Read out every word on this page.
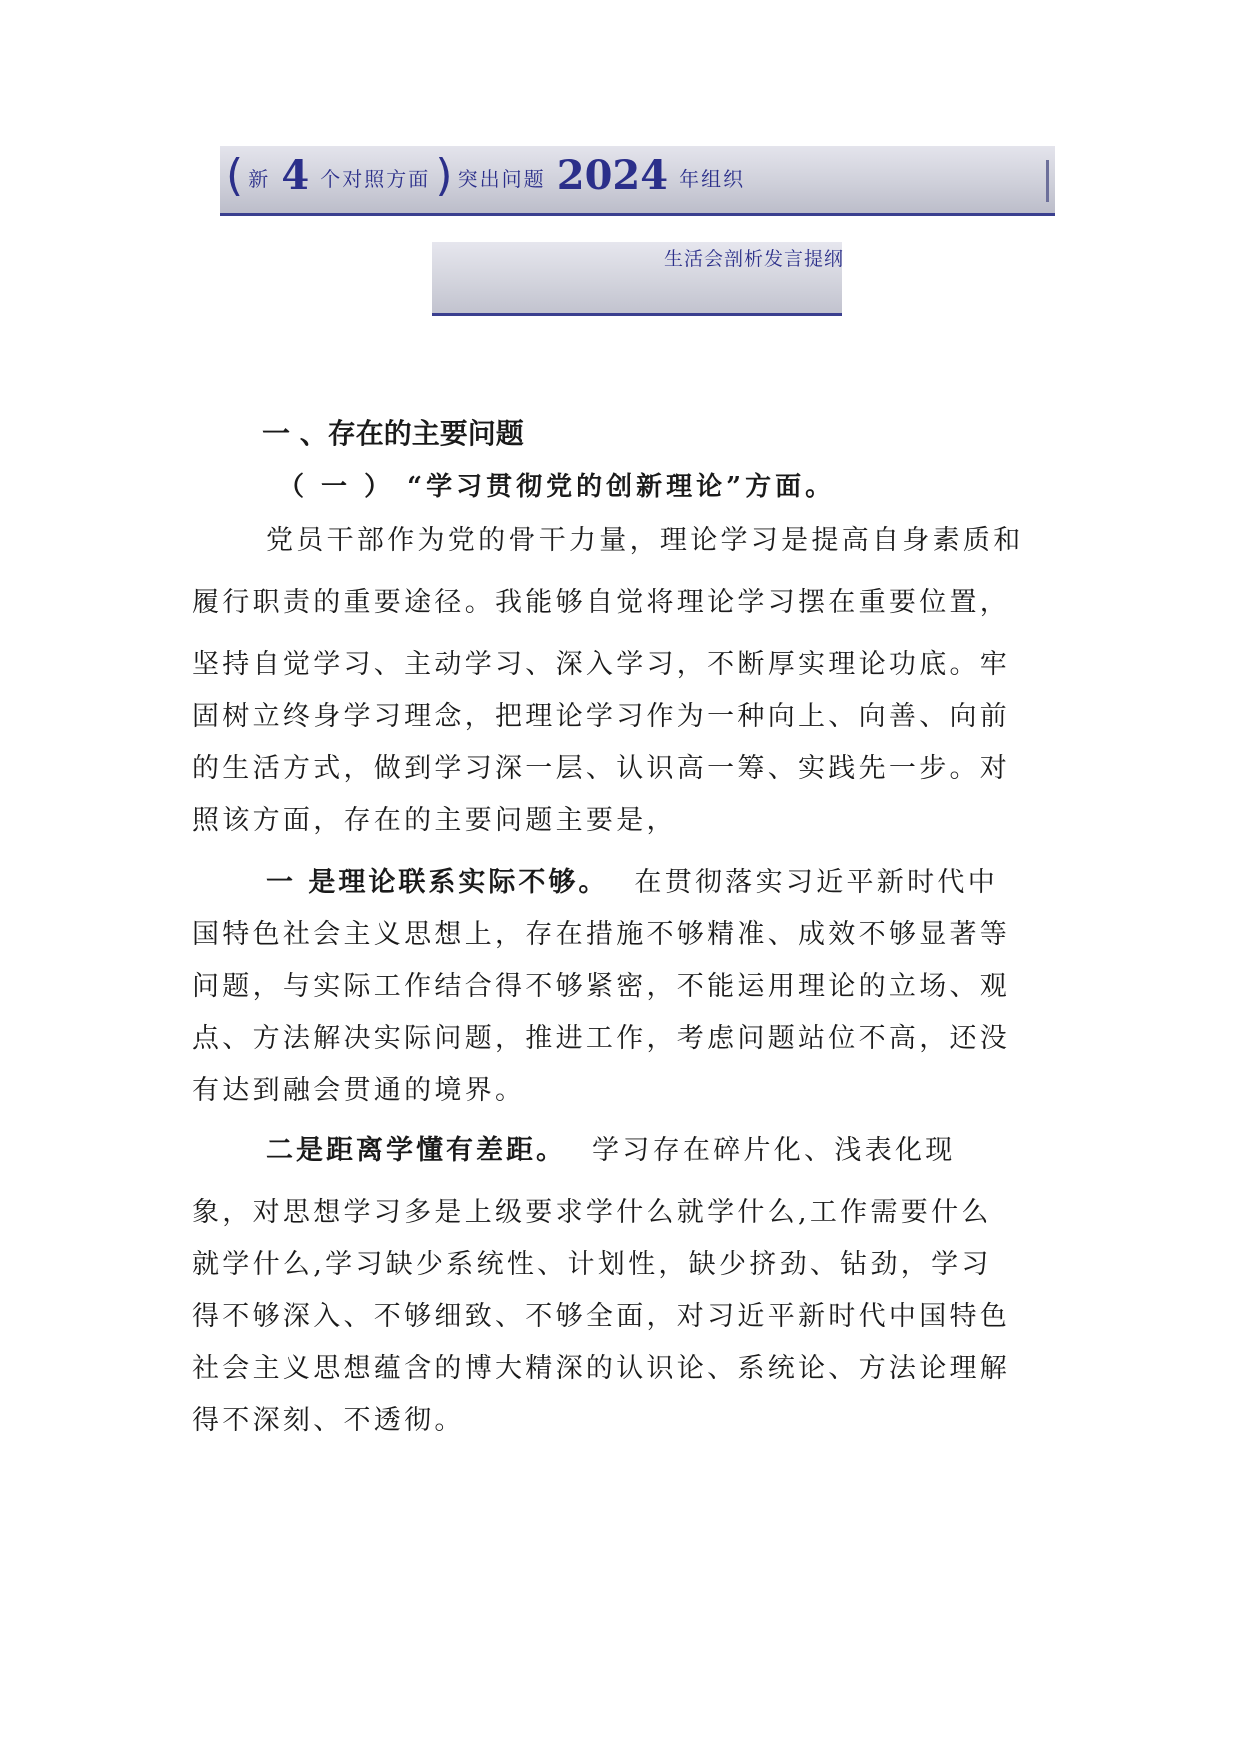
( 新 4 个对照方面 ) 突出问题 2024 年组织
生活会剖析发言提纲
一 、存在的主要问题
（ 一 ） “学习贯彻党的创新理论”方面。
党员干部作为党的骨干力量，理论学习是提高自身素质和
履行职责的重要途径。我能够自觉将理论学习摆在重要位置，
坚持自觉学习、主动学习、深入学习，不断厚实理论功底。牢
固树立终身学习理念，把理论学习作为一种向上、向善、向前
的生活方式，做到学习深一层、认识高一筹、实践先一步。对
照该方面，存在的主要问题主要是，
一 是理论联系实际不够。 在贯彻落实习近平新时代中
国特色社会主义思想上，存在措施不够精准、成效不够显著等
问题，与实际工作结合得不够紧密，不能运用理论的立场、观
点、方法解决实际问题，推进工作，考虑问题站位不高，还没
有达到融会贯通的境界。
二是距离学懂有差距。 学习存在碎片化、浅表化现
象，对思想学习多是上级要求学什么就学什么,工作需要什么
就学什么,学习缺少系统性、计划性，缺少挤劲、钻劲，学习
得不够深入、不够细致、不够全面，对习近平新时代中国特色
社会主义思想蕴含的博大精深的认识论、系统论、方法论理解
得不深刻、不透彻。
